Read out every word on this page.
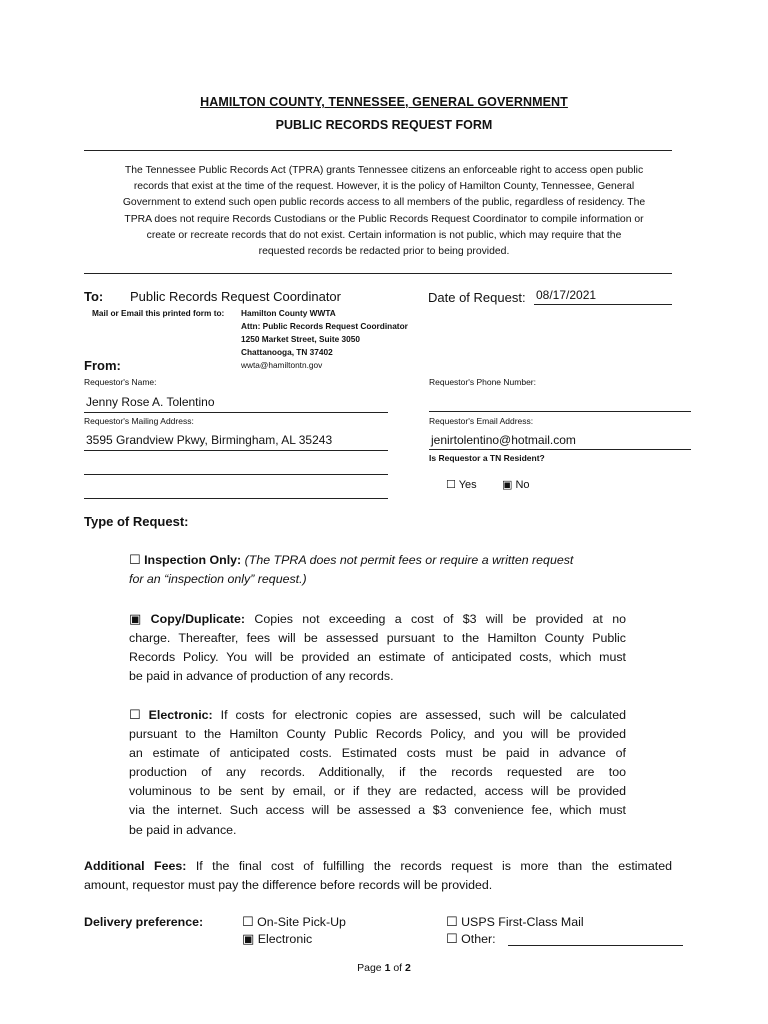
HAMILTON COUNTY, TENNESSEE, GENERAL GOVERNMENT
PUBLIC RECORDS REQUEST FORM
The Tennessee Public Records Act (TPRA) grants Tennessee citizens an enforceable right to access open public
records that exist at the time of the request. However, it is the policy of Hamilton County, Tennessee, General
Government to extend such open public records access to all members of the public, regardless of residency. The
TPRA does not require Records Custodians or the Public Records Request Coordinator to compile information or
create or recreate records that do not exist. Certain information is not public, which may require that the
requested records be redacted prior to being provided.
To: Public Records Request Coordinator	Date of Request: 08/17/2021
Mail or Email this printed form to: Hamilton County WWTA
Attn: Public Records Request Coordinator
1250 Market Street, Suite 3050
Chattanooga, TN 37402
wwta@hamiltontn.gov
From:
Requestor's Name:
Jenny Rose A. Tolentino
Requestor's Mailing Address:
3595 Grandview Pkwy, Birmingham, AL 35243
Requestor's Phone Number:
Requestor's Email Address:
jenirtolentino@hotmail.com
Is Requestor a TN Resident?
☐ Yes ▣ No
Type of Request:
☐ Inspection Only: (The TPRA does not permit fees or require a written request
for an “inspection only” request.)
▣ Copy/Duplicate: Copies not exceeding a cost of $3 will be provided at no
charge. Thereafter, fees will be assessed pursuant to the Hamilton County Public
Records Policy. You will be provided an estimate of anticipated costs, which must
be paid in advance of production of any records.
☐ Electronic: If costs for electronic copies are assessed, such will be calculated
pursuant to the Hamilton County Public Records Policy, and you will be provided
an estimate of anticipated costs. Estimated costs must be paid in advance of
production of any records. Additionally, if the records requested are too
voluminous to be sent by email, or if they are redacted, access will be provided
via the internet. Such access will be assessed a $3 convenience fee, which must
be paid in advance.
Additional Fees: If the final cost of fulfilling the records request is more than the estimated
amount, requestor must pay the difference before records will be provided.
Delivery preference:	☐ On-Site Pick-Up
▣ Electronic
☐ USPS First-Class Mail
☐ Other:
Page 1 of 2
